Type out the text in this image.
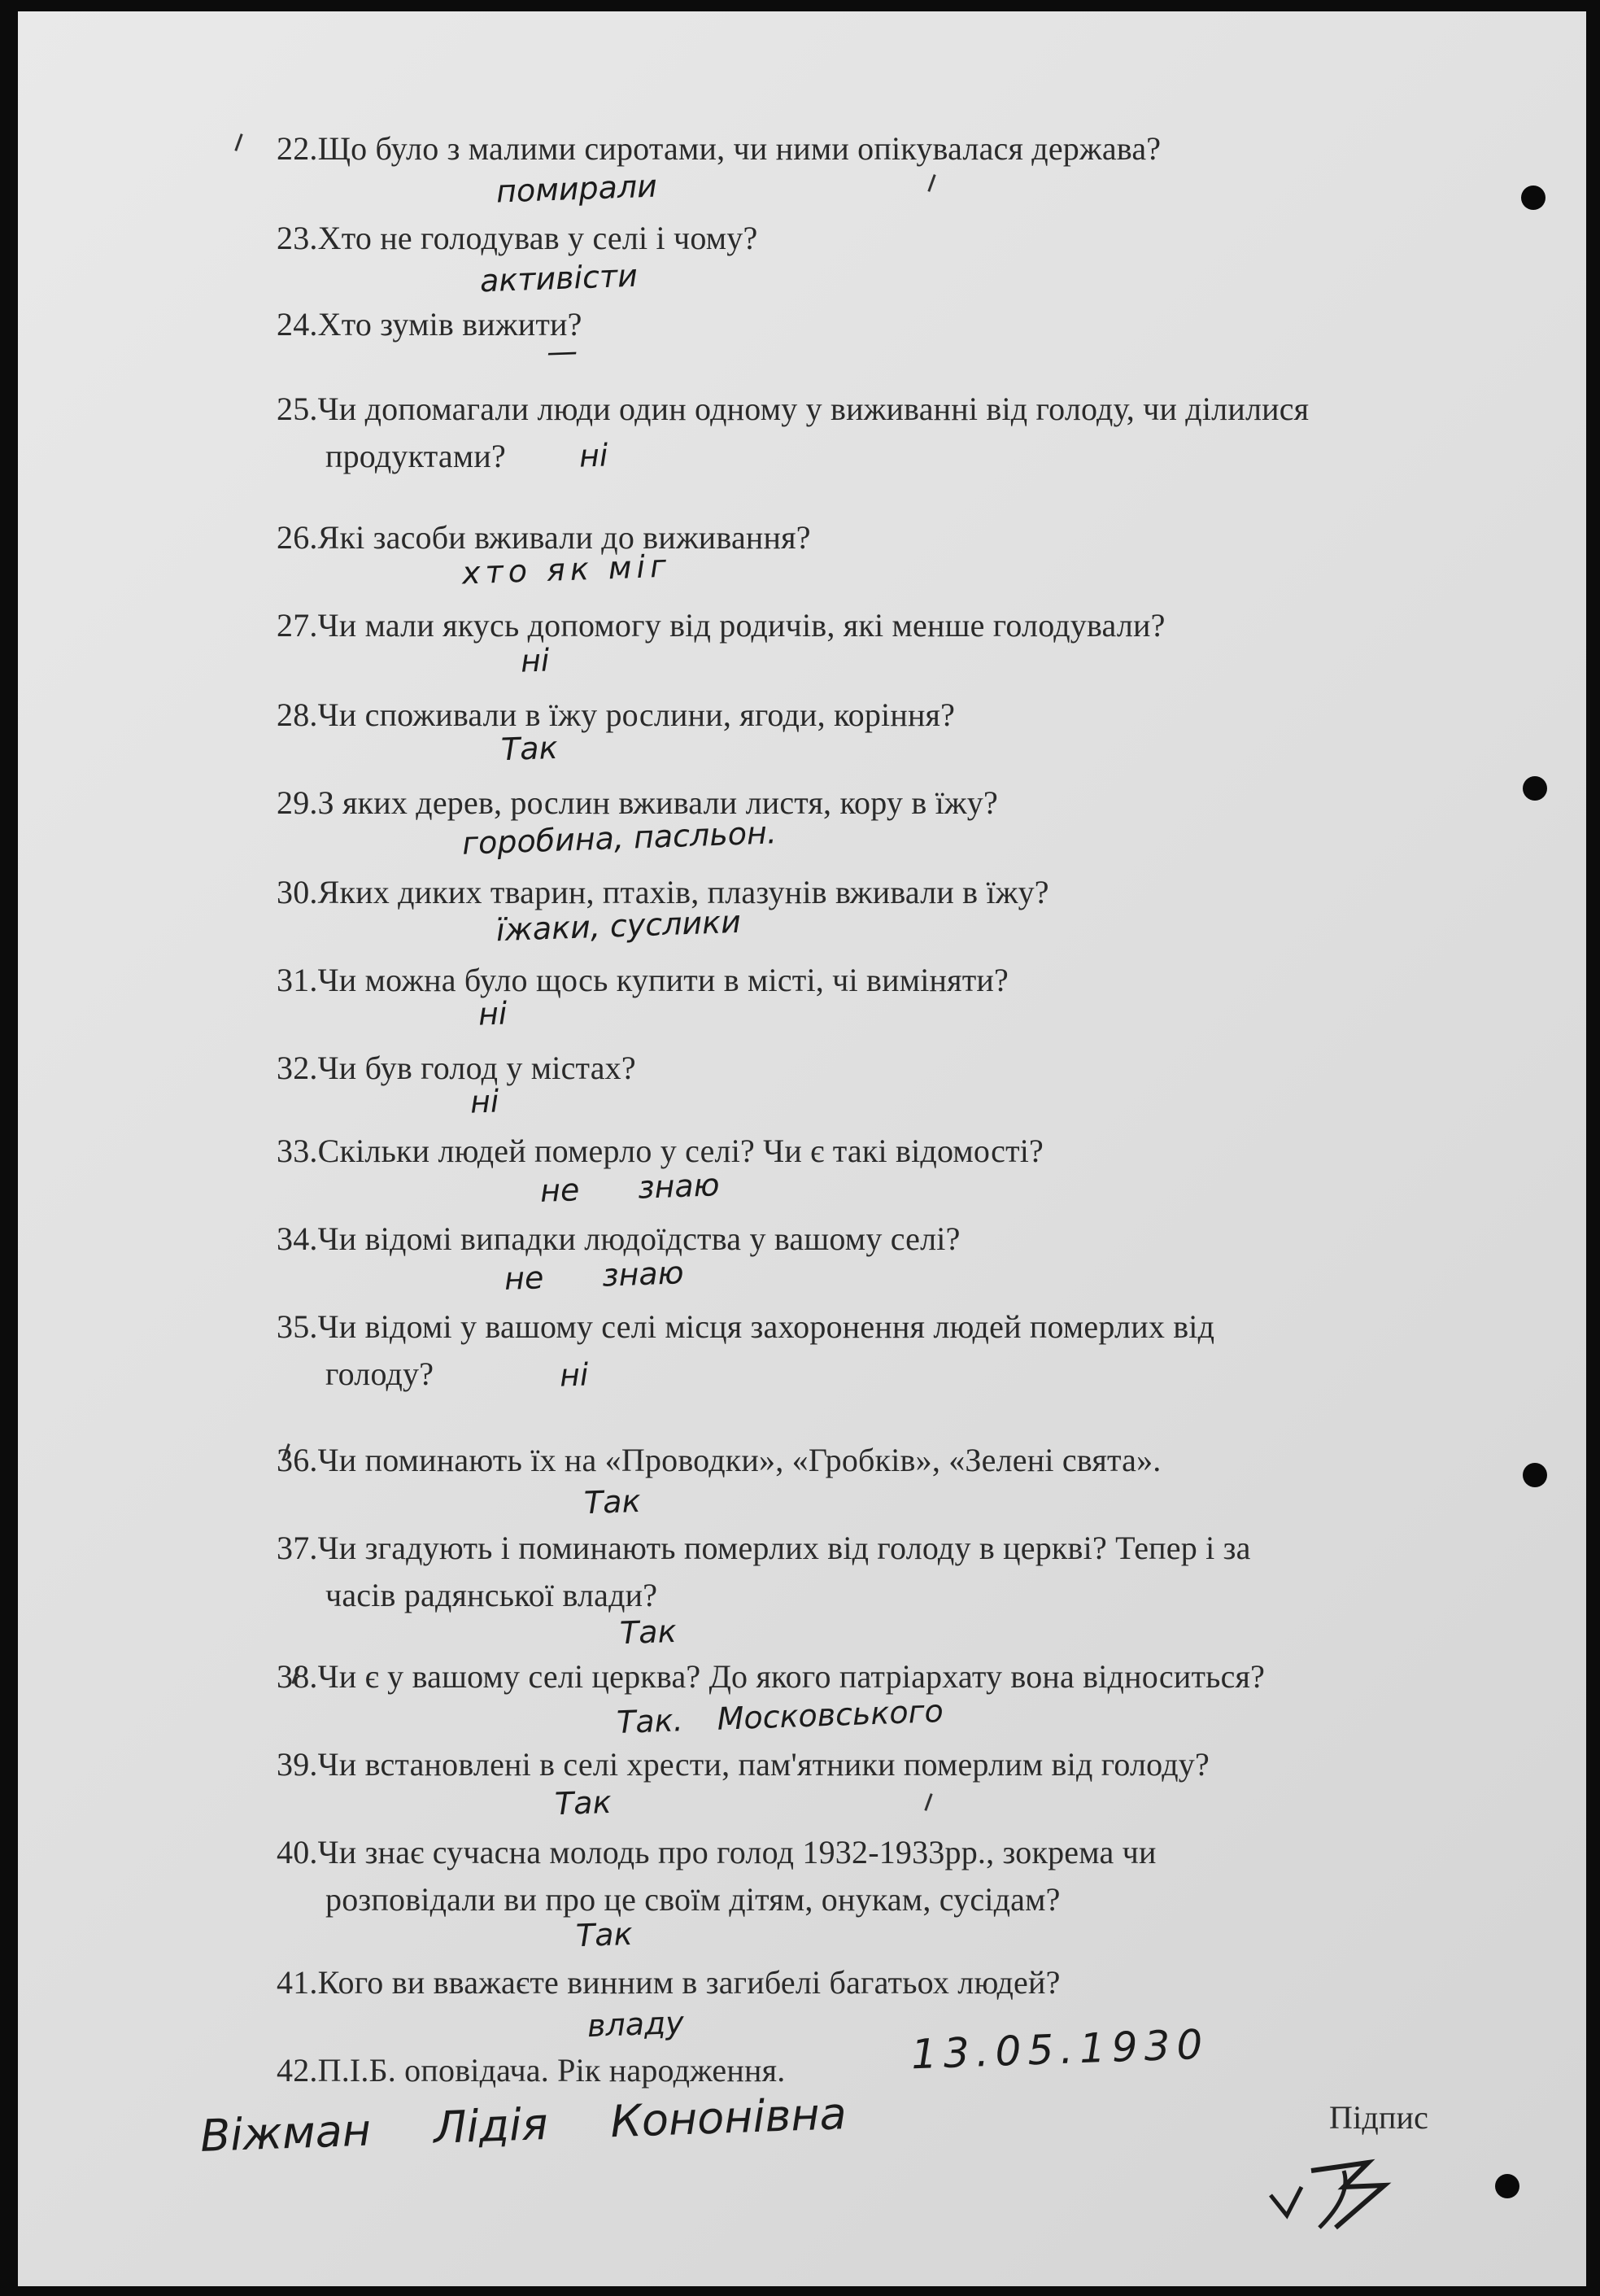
22.Що було з малими сиротами, чи ними опікувалася держава?
23.Хто не голодував у селі і чому?
24.Хто зумів вижити?
25.Чи допомагали люди один одному у виживанні від голоду, чи ділилися
продуктами?
26.Які засоби вживали до виживання?
27.Чи мали якусь допомогу від родичів, які менше голодували?
28.Чи споживали в їжу рослини, ягоди, коріння?
29.З яких дерев, рослин вживали листя, кору в їжу?
30.Яких диких тварин, птахів, плазунів вживали в їжу?
31.Чи можна було щось купити в місті, чі виміняти?
32.Чи був голод у містах?
33.Скільки людей померло у селі? Чи є такі відомості?
34.Чи відомі випадки людоїдства у вашому селі?
35.Чи відомі у вашому селі місця захоронення людей померлих від
голоду?
36.Чи поминають їх на «Проводки», «Гробків», «Зелені свята».
37.Чи згадують і поминають померлих від голоду в церкві? Тепер і за
часів радянської влади?
38.Чи є у вашому селі церква? До якого патріархату вона відноситься?
39.Чи встановлені в селі хрести, пам'ятники померлим від голоду?
40.Чи знає сучасна молодь про голод 1932-1933рр., зокрема чи
розповідали ви про це своїм дітям, онукам, сусідам?
41.Кого ви вважаєте винним в загибелі багатьох людей?
42.П.І.Б. оповідача. Рік народження.
помирали
активісти
—
ні
хто як міг
ні
Так
горобина, пасльон.
їжаки, суслики
ні
ні
не знаю
не знаю
ні
Так
Так
Так. Московського
Так
Так
владу	13.05.1930
Віжман Лідія Кононівна	Підпис
